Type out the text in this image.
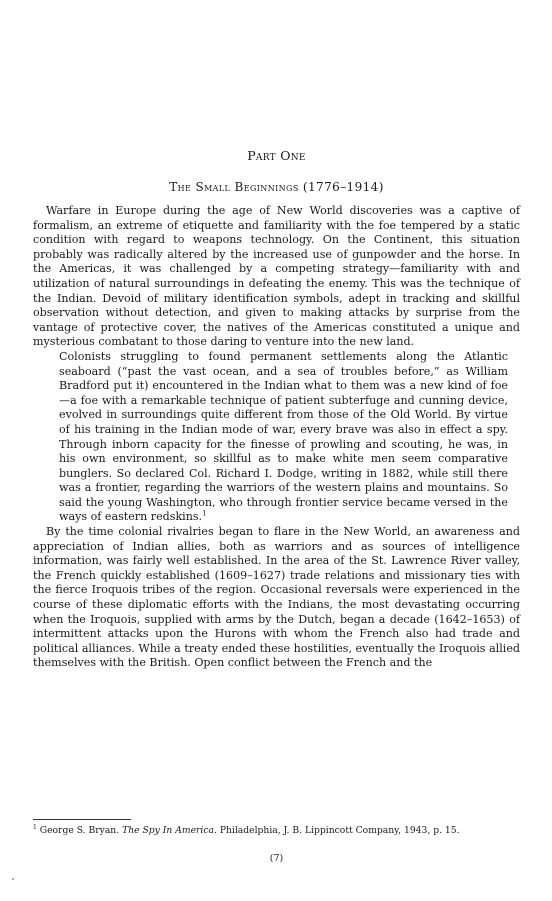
Part One
The Small Beginnings (1776–1914)

Warfare in Europe during the age of New World discoveries was a captive of formalism, an extreme of etiquette and familiarity with the foe tempered by a static condition with regard to weapons technology. On the Continent, this situation probably was radically altered by the increased use of gunpowder and the horse. In the Americas, it was challenged by a competing strategy—familiarity with and utilization of natural surroundings in defeating the enemy. This was the technique of the Indian. Devoid of military identification symbols, adept in tracking and skillful observation without detection, and given to making attacks by surprise from the vantage of protective cover, the natives of the Americas constituted a unique and mysterious combatant to those daring to venture into the new land.

Colonists struggling to found permanent settlements along the Atlantic seaboard (“past the vast ocean, and a sea of troubles before,” as William Bradford put it) encountered in the Indian what to them was a new kind of foe—a foe with a remarkable technique of patient subterfuge and cunning device, evolved in surroundings quite different from those of the Old World. By virtue of his training in the Indian mode of war, every brave was also in effect a spy. Through inborn capacity for the finesse of prowling and scouting, he was, in his own environment, so skillful as to make white men seem comparative bunglers. So declared Col. Richard I. Dodge, writing in 1882, while still there was a frontier, regarding the warriors of the western plains and mountains. So said the young Washington, who through frontier service became versed in the ways of eastern redskins.$^1$

By the time colonial rivalries began to flare in the New World, an awareness and appreciation of Indian allies, both as warriors and as sources of intelligence information, was fairly well established. In the area of the St. Lawrence River valley, the French quickly established (1609–1627) trade relations and missionary ties with the fierce Iroquois tribes of the region. Occasional reversals were experienced in the course of these diplomatic efforts with the Indians, the most devastating occurring when the Iroquois, supplied with arms by the Dutch, began a decade (1642–1653) of intermittent attacks upon the Hurons with whom the French also had trade and political alliances. While a treaty ended these hostilities, eventually the Iroquois allied themselves with the British. Open conflict between the French and the

$^1$ George S. Bryan. The Spy In America. Philadelphia, J. B. Lippincott Company, 1943, p. 15.
(7)
